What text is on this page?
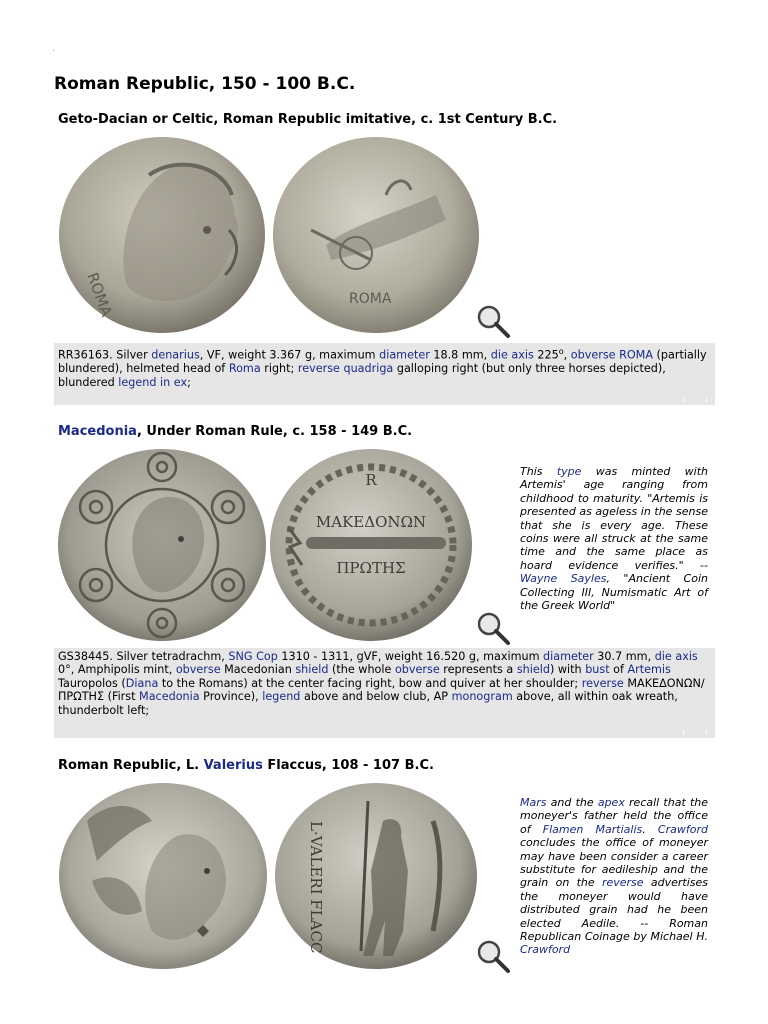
.
Roman Republic, 150 - 100 B.C.
Geto-Dacian or Celtic, Roman Republic imitative, c. 1st Century B.C.
ROMA	ROMA
RR36163. Silver denarius, VF, weight 3.367 g, maximum diameter 18.8 mm, die axis 225$^o$, obverse ROMA (partially blundered), helmeted head of Roma right; reverse quadriga galloping right (but only three horses depicted), blundered legend in ex;
Macedonia, Under Roman Rule, c. 158 - 149 B.C.
R
ΜΑΚΕΔΟΝΩΝ
ΠΡΩΤΗΣ
This type was minted with Artemis' age ranging from childhood to maturity. "Artemis is presented as ageless in the sense that she is every age. These coins were all struck at the same time and the same place as hoard evidence verifies." -- Wayne Sayles, "Ancient Coin Collecting III, Numismatic Art of the Greek World"
GS38445. Silver tetradrachm, SNG Cop 1310 - 1311, gVF, weight 16.520 g, maximum diameter 30.7 mm, die axis 0°, Amphipolis mint, obverse Macedonian shield (the whole obverse represents a shield) with bust of Artemis Tauropolos (Diana to the Romans) at the center facing right, bow and quiver at her shoulder; reverse ΜΑΚΕΔΟΝΩΝ/ΠΡΩΤΗΣ (First Macedonia Province), legend above and below club, AP monogram above, all within oak wreath, thunderbolt left;
Roman Republic, L. Valerius Flaccus, 108 - 107 B.C.
L·VALERI FLACC
Mars and the apex recall that the moneyer's father held the office of Flamen Martialis. Crawford concludes the office of moneyer may have been consider a career substitute for aedileship and the grain on the reverse advertises the moneyer would have distributed grain had he been elected Aedile. -- Roman Republican Coinage by Michael H. Crawford
